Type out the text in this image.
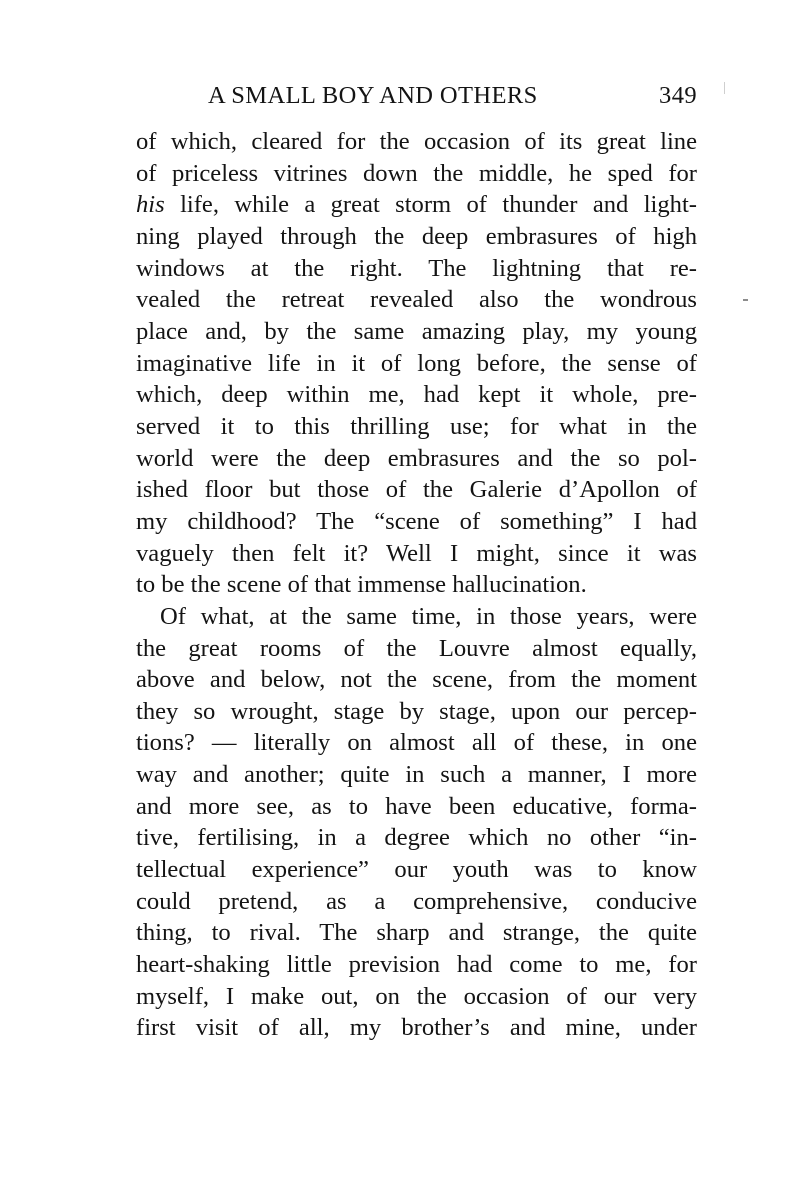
A SMALL BOY AND OTHERS	349
of which, cleared for the occasion of its great line
of priceless vitrines down the middle, he sped for
his life, while a great storm of thunder and light-
ning played through the deep embrasures of high
windows at the right. The lightning that re-
vealed the retreat revealed also the wondrous
place and, by the same amazing play, my young
imaginative life in it of long before, the sense of
which, deep within me, had kept it whole, pre-
served it to this thrilling use; for what in the
world were the deep embrasures and the so pol-
ished floor but those of the Galerie d’Apollon of
my childhood? The “scene of something” I had
vaguely then felt it? Well I might, since it was
to be the scene of that immense hallucination.
Of what, at the same time, in those years, were
the great rooms of the Louvre almost equally,
above and below, not the scene, from the moment
they so wrought, stage by stage, upon our percep-
tions? — literally on almost all of these, in one
way and another; quite in such a manner, I more
and more see, as to have been educative, forma-
tive, fertilising, in a degree which no other “in-
tellectual experience” our youth was to know
could pretend, as a comprehensive, conducive
thing, to rival. The sharp and strange, the quite
heart-shaking little prevision had come to me, for
myself, I make out, on the occasion of our very
first visit of all, my brother’s and mine, under
